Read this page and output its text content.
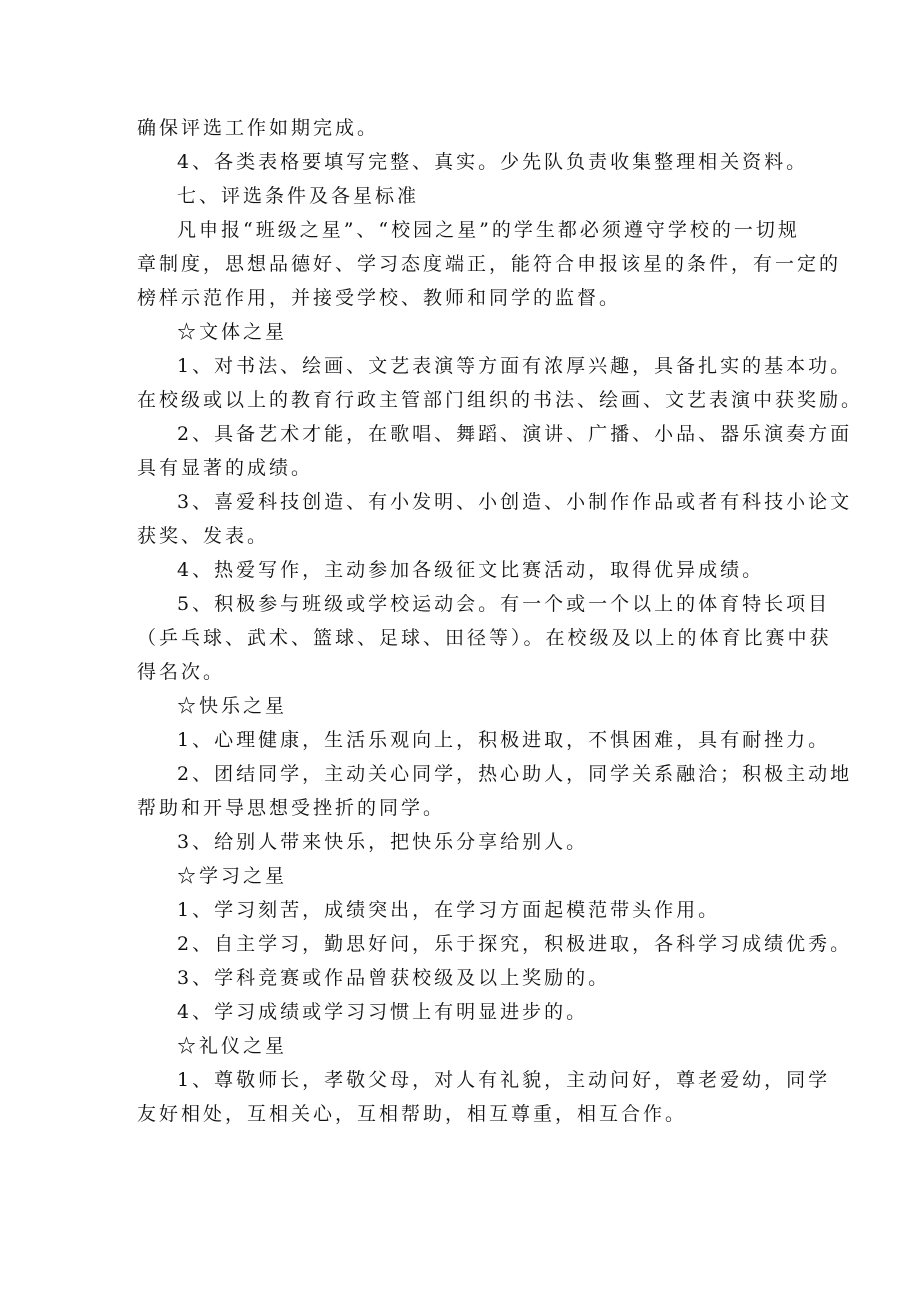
确保评选工作如期完成。
4、各类表格要填写完整、真实。少先队负责收集整理相关资料。
七、评选条件及各星标准
凡申报“班级之星”、“校园之星”的学生都必须遵守学校的一切规
章制度，思想品德好、学习态度端正，能符合申报该星的条件，有一定的
榜样示范作用，并接受学校、教师和同学的监督。
☆文体之星
1、对书法、绘画、文艺表演等方面有浓厚兴趣，具备扎实的基本功。
在校级或以上的教育行政主管部门组织的书法、绘画、文艺表演中获奖励。
2、具备艺术才能，在歌唱、舞蹈、演讲、广播、小品、器乐演奏方面
具有显著的成绩。
3、喜爱科技创造、有小发明、小创造、小制作作品或者有科技小论文
获奖、发表。
4、热爱写作，主动参加各级征文比赛活动，取得优异成绩。
5、积极参与班级或学校运动会。有一个或一个以上的体育特长项目
（乒乓球、武术、篮球、足球、田径等）。在校级及以上的体育比赛中获
得名次。
☆快乐之星
1、心理健康，生活乐观向上，积极进取，不惧困难，具有耐挫力。
2、团结同学，主动关心同学，热心助人，同学关系融洽；积极主动地
帮助和开导思想受挫折的同学。
3、给别人带来快乐，把快乐分享给别人。
☆学习之星
1、学习刻苦，成绩突出，在学习方面起模范带头作用。
2、自主学习，勤思好问，乐于探究，积极进取，各科学习成绩优秀。
3、学科竞赛或作品曾获校级及以上奖励的。
4、学习成绩或学习习惯上有明显进步的。
☆礼仪之星
1、尊敬师长，孝敬父母，对人有礼貌，主动问好，尊老爱幼，同学
友好相处，互相关心，互相帮助，相互尊重，相互合作。
